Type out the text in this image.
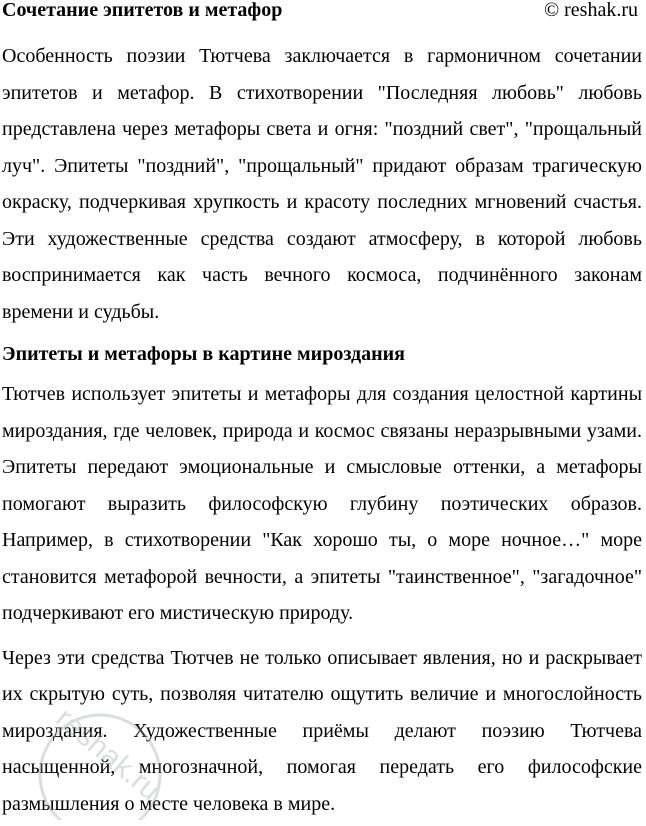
Сочетание эпитетов и метафор	© reshak.ru

Особенность поэзии Тютчева заключается в гармоничном сочетании эпитетов и метафор. В стихотворении "Последняя любовь" любовь представлена через метафоры света и огня: "поздний свет", "прощальный луч". Эпитеты "поздний", "прощальный" придают образам трагическую окраску, подчеркивая хрупкость и красоту последних мгновений счастья. Эти художественные средства создают атмосферу, в которой любовь воспринимается как часть вечного космоса, подчинённого законам времени и судьбы.

Эпитеты и метафоры в картине мироздания

Тютчев использует эпитеты и метафоры для создания целостной картины мироздания, где человек, природа и космос связаны неразрывными узами. Эпитеты передают эмоциональные и смысловые оттенки, а метафоры помогают выразить философскую глубину поэтических образов. Например, в стихотворении "Как хорошо ты, о море ночное…" море становится метафорой вечности, а эпитеты "таинственное", "загадочное" подчеркивают его мистическую природу.

Через эти средства Тютчев не только описывает явления, но и раскрывает их скрытую суть, позволяя читателю ощутить величие и многослойность мироздания. Художественные приёмы делают поэзию Тютчева насыщенной, многозначной, помогая передать его философские размышления о месте человека в мире.

reshak.ru
